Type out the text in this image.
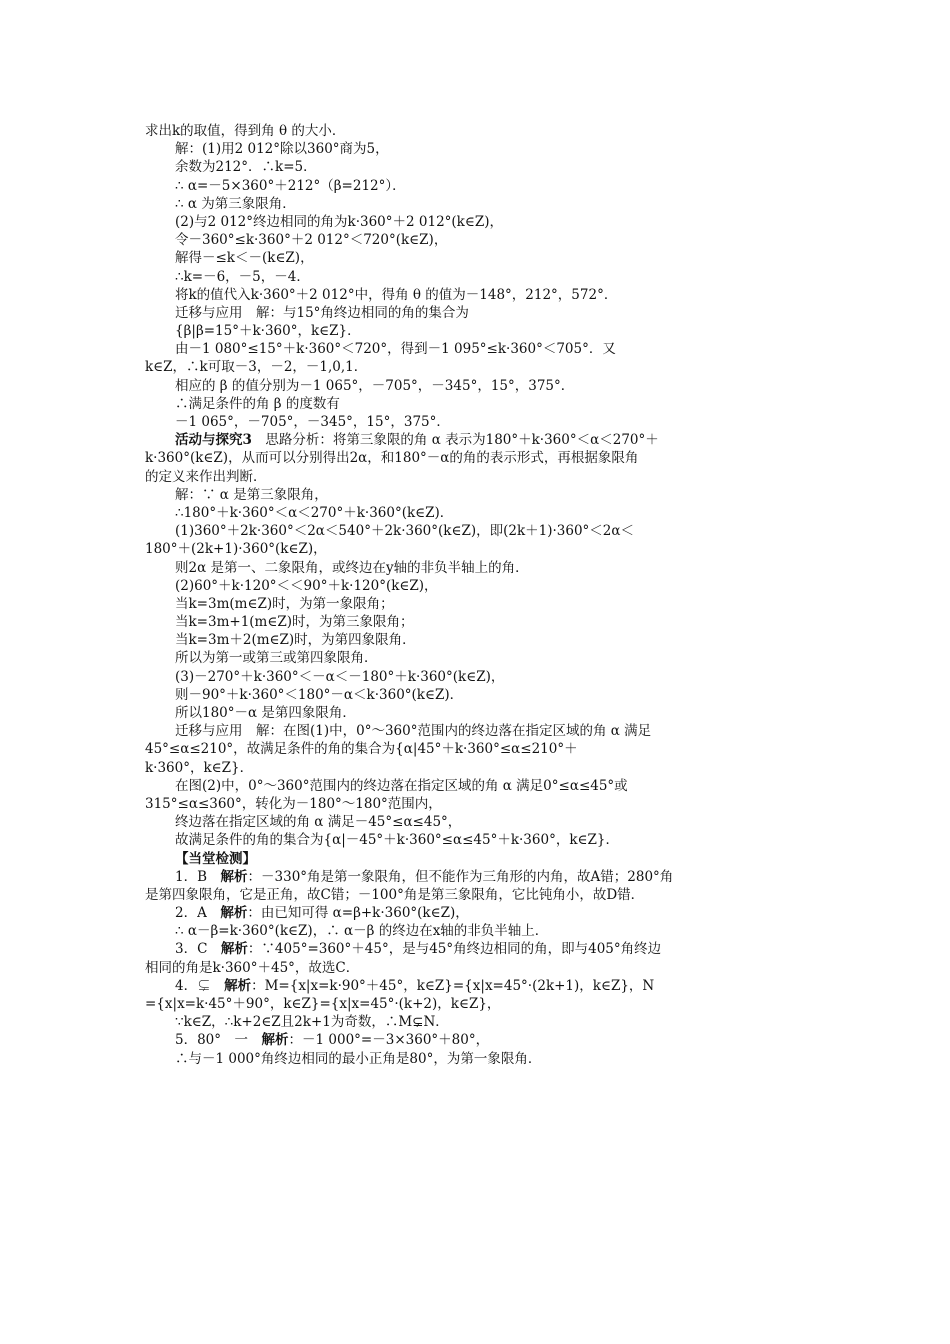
求出k的取值，得到角 θ 的大小．
解：(1)用2 012°除以360°商为5，
余数为212°．∴k=5．
∴ α=－5×360°＋212°（β=212°）．
∴ α 为第三象限角．
(2)与2 012°终边相同的角为k·360°＋2 012°(k∈Z)，
令－360°≤k·360°＋2 012°＜720°(k∈Z)，
解得－≤k＜－(k∈Z)，
∴k=－6，－5，－4．
将k的值代入k·360°＋2 012°中，得角 θ 的值为－148°，212°，572°．
迁移与应用　解：与15°角终边相同的角的集合为
{β|β=15°＋k·360°，k∈Z}．
由－1 080°≤15°＋k·360°＜720°，得到－1 095°≤k·360°＜705°．又
k∈Z，∴k可取－3，－2，－1,0,1．
相应的 β 的值分别为－1 065°，－705°，－345°，15°，375°．
∴满足条件的角 β 的度数有
－1 065°，－705°，－345°，15°，375°．
活动与探究3　思路分析：将第三象限的角 α 表示为180°＋k·360°＜α＜270°＋
k·360°(k∈Z)，从而可以分别得出2α，和180°－α的角的表示形式，再根据象限角
的定义来作出判断．
解：∵ α 是第三象限角，
∴180°＋k·360°＜α＜270°＋k·360°(k∈Z)．
(1)360°＋2k·360°＜2α＜540°＋2k·360°(k∈Z)，即(2k＋1)·360°＜2α＜
180°＋(2k+1)·360°(k∈Z)，
则2α 是第一、二象限角，或终边在y轴的非负半轴上的角．
(2)60°＋k·120°＜＜90°＋k·120°(k∈Z)，
当k=3m(m∈Z)时，为第一象限角；
当k=3m+1(m∈Z)时，为第三象限角；
当k=3m＋2(m∈Z)时，为第四象限角．
所以为第一或第三或第四象限角．
(3)－270°＋k·360°＜－α＜－180°＋k·360°(k∈Z)，
则－90°＋k·360°＜180°－α＜k·360°(k∈Z)．
所以180°－α 是第四象限角．
迁移与应用　解：在图(1)中，0°～360°范围内的终边落在指定区域的角 α 满足
45°≤α≤210°，故满足条件的角的集合为{α|45°＋k·360°≤α≤210°＋
k·360°，k∈Z}．
在图(2)中，0°～360°范围内的终边落在指定区域的角 α 满足0°≤α≤45°或
315°≤α≤360°，转化为－180°～180°范围内，
终边落在指定区域的角 α 满足－45°≤α≤45°，
故满足条件的角的集合为{α|－45°＋k·360°≤α≤45°＋k·360°，k∈Z}．
【当堂检测】
1．B　解析：－330°角是第一象限角，但不能作为三角形的内角，故A错；280°角
是第四象限角，它是正角，故C错；－100°角是第三象限角，它比钝角小，故D错．
2．A　解析：由已知可得 α=β+k·360°(k∈Z)，
∴ α－β=k·360°(k∈Z)，∴ α－β 的终边在x轴的非负半轴上．
3．C　解析：∵405°=360°＋45°，是与45°角终边相同的角，即与405°角终边
相同的角是k·360°＋45°，故选C．
4．⊊　解析：M={x|x=k·90°＋45°，k∈Z}={x|x=45°·(2k+1)，k∈Z}，N
={x|x=k·45°＋90°，k∈Z}={x|x=45°·(k+2)，k∈Z}，
∵k∈Z，∴k+2∈Z且2k+1为奇数，∴M⊊N．
5．80°　一　解析：－1 000°=－3×360°＋80°，
∴与－1 000°角终边相同的最小正角是80°，为第一象限角．
